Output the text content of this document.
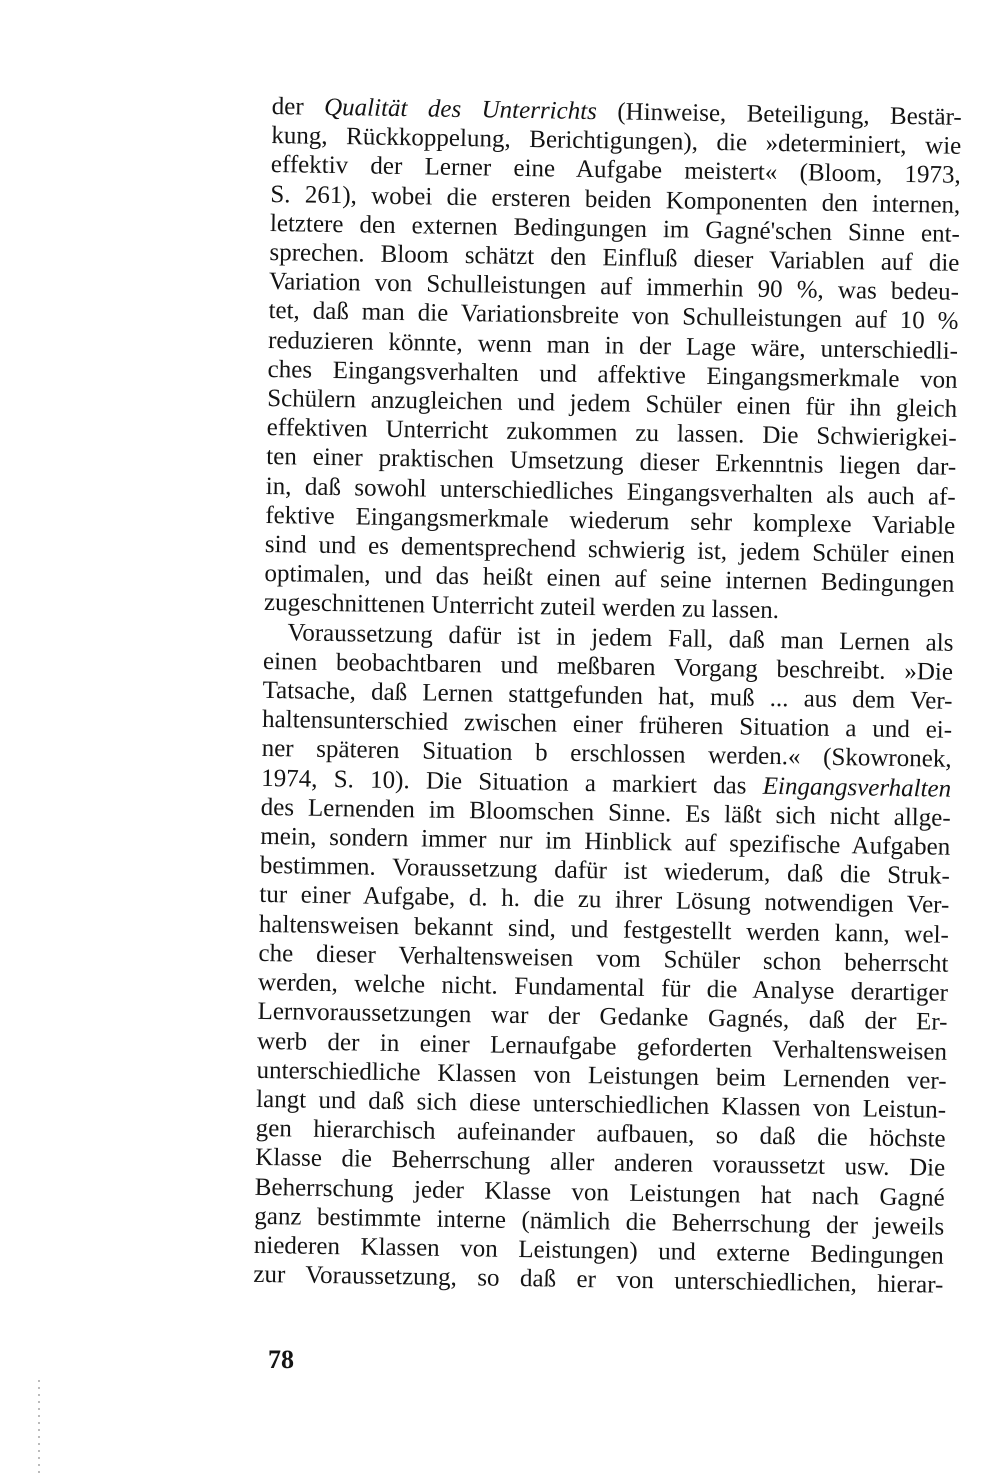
der Qualität des Unterrichts (Hinweise, Beteiligung, Bestär-
kung, Rückkoppelung, Berichtigungen), die »determiniert, wie
effektiv der Lerner eine Aufgabe meistert« (Bloom, 1973,
S. 261), wobei die ersteren beiden Komponenten den internen,
letztere den externen Bedingungen im Gagné'schen Sinne ent-
sprechen. Bloom schätzt den Einfluß dieser Variablen auf die
Variation von Schulleistungen auf immerhin 90 %, was bedeu-
tet, daß man die Variationsbreite von Schulleistungen auf 10 %
reduzieren könnte, wenn man in der Lage wäre, unterschiedli-
ches Eingangsverhalten und affektive Eingangsmerkmale von
Schülern anzugleichen und jedem Schüler einen für ihn gleich
effektiven Unterricht zukommen zu lassen. Die Schwierigkei-
ten einer praktischen Umsetzung dieser Erkenntnis liegen dar-
in, daß sowohl unterschiedliches Eingangsverhalten als auch af-
fektive Eingangsmerkmale wiederum sehr komplexe Variable
sind und es dementsprechend schwierig ist, jedem Schüler einen
optimalen, und das heißt einen auf seine internen Bedingungen
zugeschnittenen Unterricht zuteil werden zu lassen.
Voraussetzung dafür ist in jedem Fall, daß man Lernen als
einen beobachtbaren und meßbaren Vorgang beschreibt. »Die
Tatsache, daß Lernen stattgefunden hat, muß ... aus dem Ver-
haltensunterschied zwischen einer früheren Situation a und ei-
ner späteren Situation b erschlossen werden.« (Skowronek,
1974, S. 10). Die Situation a markiert das Eingangsverhalten
des Lernenden im Bloomschen Sinne. Es läßt sich nicht allge-
mein, sondern immer nur im Hinblick auf spezifische Aufgaben
bestimmen. Voraussetzung dafür ist wiederum, daß die Struk-
tur einer Aufgabe, d. h. die zu ihrer Lösung notwendigen Ver-
haltensweisen bekannt sind, und festgestellt werden kann, wel-
che dieser Verhaltensweisen vom Schüler schon beherrscht
werden, welche nicht. Fundamental für die Analyse derartiger
Lernvoraussetzungen war der Gedanke Gagnés, daß der Er-
werb der in einer Lernaufgabe geforderten Verhaltensweisen
unterschiedliche Klassen von Leistungen beim Lernenden ver-
langt und daß sich diese unterschiedlichen Klassen von Leistun-
gen hierarchisch aufeinander aufbauen, so daß die höchste
Klasse die Beherrschung aller anderen voraussetzt usw. Die
Beherrschung jeder Klasse von Leistungen hat nach Gagné
ganz bestimmte interne (nämlich die Beherrschung der jeweils
niederen Klassen von Leistungen) und externe Bedingungen
zur Voraussetzung, so daß er von unterschiedlichen, hierar-
78
